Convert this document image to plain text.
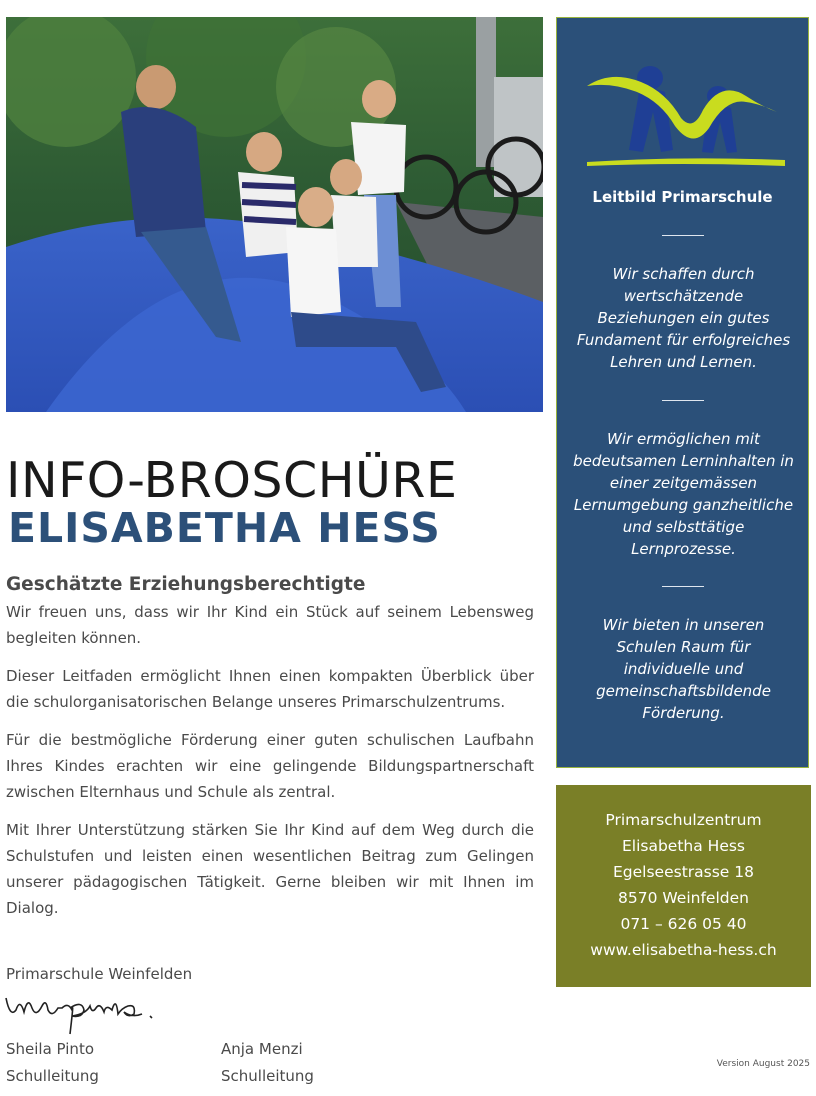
INFO-BROSCHÜRE
ELISABETHA HESS
Geschätzte Erziehungsberechtigte

Wir freuen uns, dass wir Ihr Kind ein Stück auf seinem Lebensweg begleiten können.

Dieser Leitfaden ermöglicht Ihnen einen kompakten Überblick über die schulorganisatorischen Belange unseres Primarschulzentrums.

Für die bestmögliche Förderung einer guten schulischen Laufbahn Ihres Kindes erachten wir eine gelingende Bildungspartnerschaft zwischen Elternhaus und Schule als zentral.

Mit Ihrer Unterstützung stärken Sie Ihr Kind auf dem Weg durch die Schulstufen und leisten einen wesentlichen Beitrag zum Gelingen unserer pädagogischen Tätigkeit. Gerne bleiben wir mit Ihnen im Dialog.

Primarschule Weinfelden

Sheila Pinto
Schulleitung
Anja Menzi
Schulleitung

Version August 2025

Leitbild Primarschule

Wir schaffen durch wertschätzende Beziehungen ein gutes Fundament für erfolgreiches Lehren und Lernen.

Wir ermöglichen mit bedeutsamen Lerninhalten in einer zeitgemässen Lernumgebung ganzheitliche und selbsttätige Lernprozesse.

Wir bieten in unseren Schulen Raum für individuelle und gemeinschaftsbildende Förderung.

Primarschulzentrum
Elisabetha Hess
Egelseestrasse 18
8570 Weinfelden
071 – 626 05 40
www.elisabetha-hess.ch
